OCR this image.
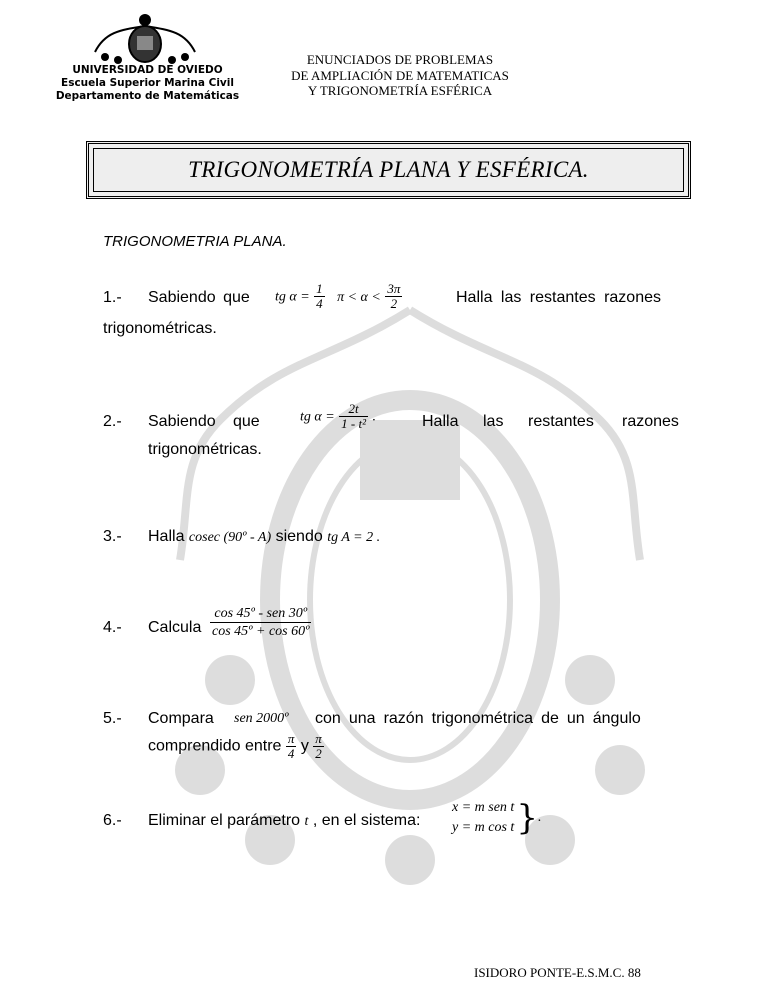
UNIVERSIDAD DE OVIEDO
Escuela Superior Marina Civil
Departamento de Matemáticas
ENUNCIADOS DE PROBLEMAS
DE AMPLIACIÓN DE MATEMATICAS
Y TRIGONOMETRÍA ESFÉRICA
TRIGONOMETRÍA PLANA Y ESFÉRICA.
TRIGONOMETRIA PLANA.
1.- Sabiendo que tg $\alpha = \frac{1}{4}$ $\pi < \alpha < \frac{3\pi}{2}$	Halla las restantes razones
trigonométricas.
2.- Sabiendo que	tg $\alpha = \frac{2t}{\text{1 - t²}}$ .	Halla las restantes razones
trigonométricas.
3.- Halla cosec (90º - A) siendo tg A = 2 .
4.- Calcula $\frac{\text{cos 45º - sen 30º}}{\text{cos 45º + cos 60º}}$
5.- Compara sen 2000º con una razón trigonométrica de un ángulo
comprendido entre $\frac{\pi}{4}$ y $\frac{\pi}{2}$
6.- Eliminar el parámetro t , en el sistema:
x = m sen t
y = m cos t } .
ISIDORO PONTE-E.S.M.C. 88
